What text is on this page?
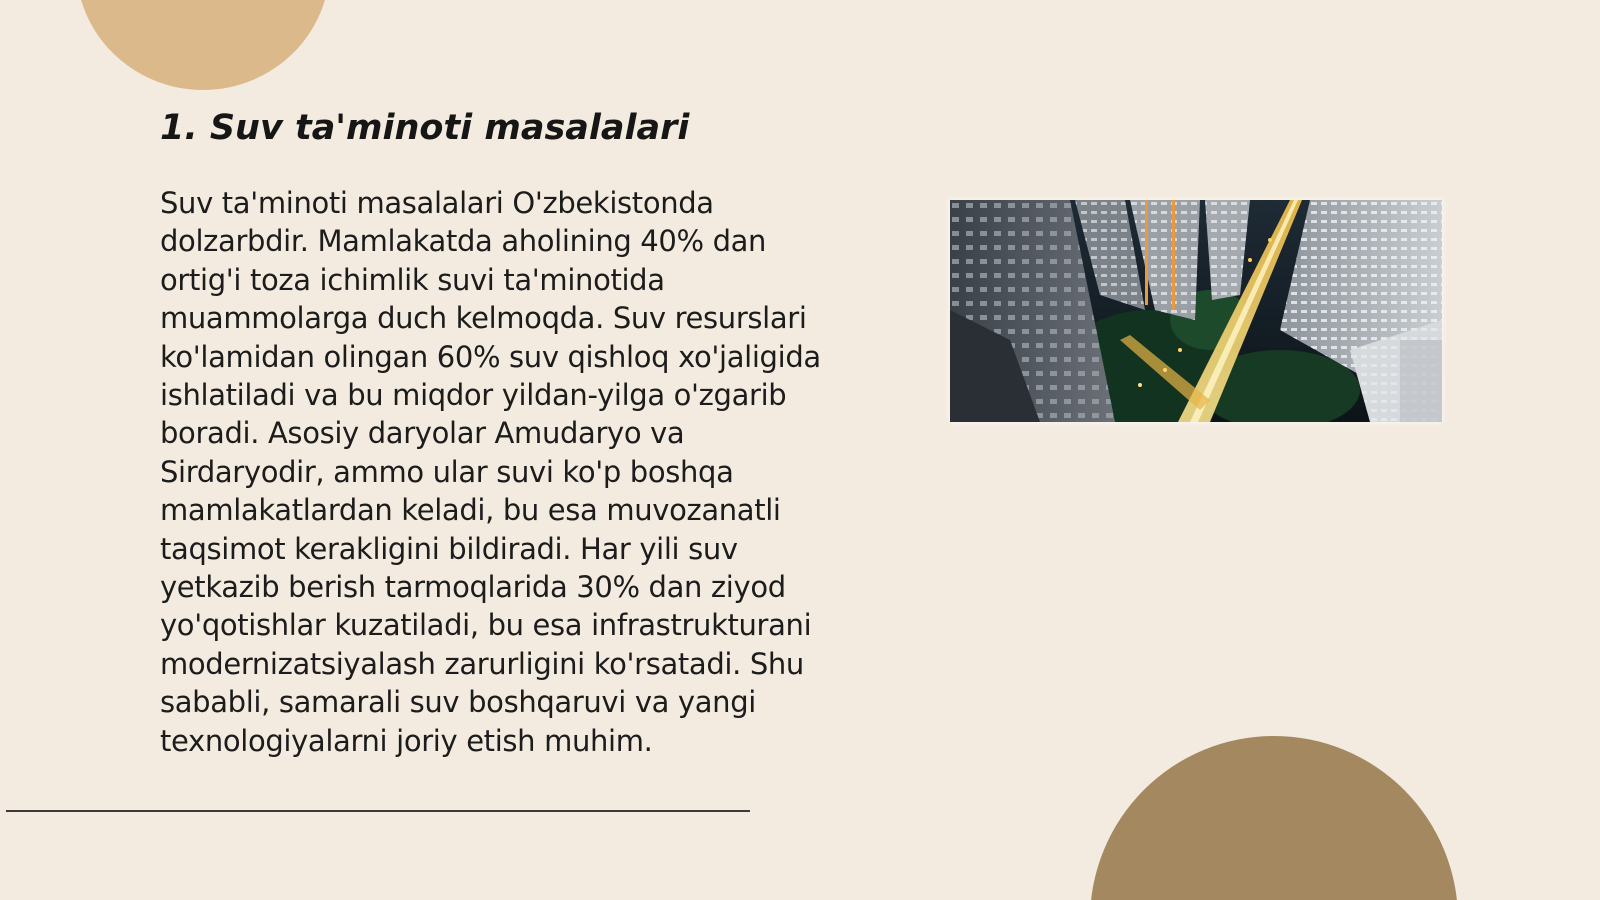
1. Suv ta'minoti masalalari

Suv ta'minoti masalalari O'zbekistonda dolzarbdir. Mamlakatda aholining 40% dan ortig'i toza ichimlik suvi ta'minotida muammolarga duch kelmoqda. Suv resurslari ko'lamidan olingan 60% suv qishloq xo'jaligida ishlatiladi va bu miqdor yildan-yilga o'zgarib boradi. Asosiy daryolar Amudaryo va Sirdaryodir, ammo ular suvi ko'p boshqa mamlakatlardan keladi, bu esa muvozanatli taqsimot kerakligini bildiradi. Har yili suv yetkazib berish tarmoqlarida 30% dan ziyod yo'qotishlar kuzatiladi, bu esa infrastrukturani modernizatsiyalash zarurligini ko'rsatadi. Shu sababli, samarali suv boshqaruvi va yangi texnologiyalarni joriy etish muhim.
